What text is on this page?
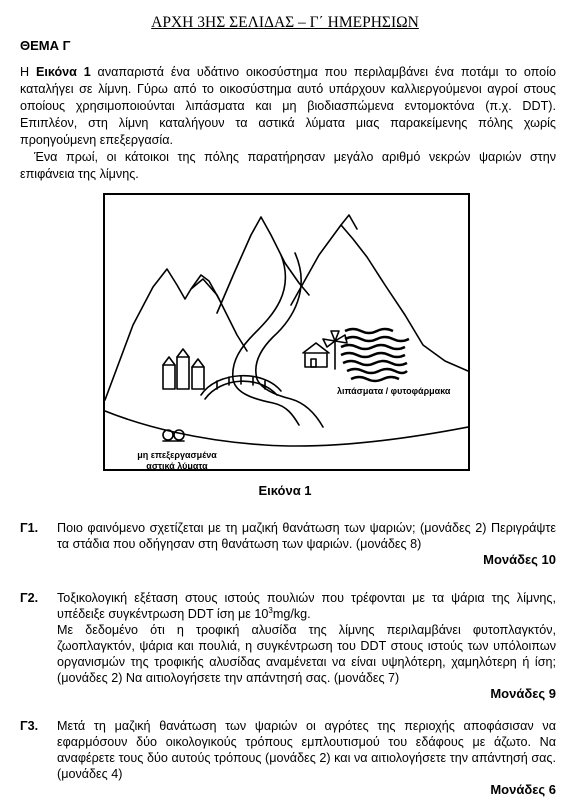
ΑΡΧΗ 3ΗΣ ΣΕΛΙΔΑΣ – Γ΄ ΗΜΕΡΗΣΙΩΝ
ΘΕΜΑ Γ

Η Εικόνα 1 αναπαριστά ένα υδάτινο οικοσύστημα που περιλαμβάνει ένα ποτάμι το οποίο καταλήγει σε λίμνη. Γύρω από το οικοσύστημα αυτό υπάρχουν καλλιεργούμενοι αγροί στους οποίους χρησιμοποιούνται λιπάσματα και μη βιοδιασπώμενα εντομοκτόνα (π.χ. DDT). Επιπλέον, στη λίμνη καταλήγουν τα αστικά λύματα μιας παρακείμενης πόλης χωρίς προηγούμενη επεξεργασία.

Ένα πρωί, οι κάτοικοι της πόλης παρατήρησαν μεγάλο αριθμό νεκρών ψαριών στην επιφάνεια της λίμνης.

μη επεξεργασμένα
αστικά λύματα
λιπάσματα / φυτοφάρμακα
Εικόνα 1
Γ1. Ποιο φαινόμενο σχετίζεται με τη μαζική θανάτωση των ψαριών; (μονάδες 2) Περιγράψτε τα στάδια που οδήγησαν στη θανάτωση των ψαριών. (μονάδες 8)
Μονάδες 10
Γ2. Τοξικολογική εξέταση στους ιστούς πουλιών που τρέφονται με τα ψάρια της λίμνης, υπέδειξε συγκέντρωση DDT ίση με $10^3mg/kg$.
Με δεδομένο ότι η τροφική αλυσίδα της λίμνης περιλαμβάνει φυτοπλαγκτόν, ζωοπλαγκτόν, ψάρια και πουλιά, η συγκέντρωση του DDT στους ιστούς των υπόλοιπων οργανισμών της τροφικής αλυσίδας αναμένεται να είναι υψηλότερη, χαμηλότερη ή ίση; (μονάδες 2) Να αιτιολογήσετε την απάντησή σας. (μονάδες 7)
Μονάδες 9
Γ3. Μετά τη μαζική θανάτωση των ψαριών οι αγρότες της περιοχής αποφάσισαν να εφαρμόσουν δύο οικολογικούς τρόπους εμπλουτισμού του εδάφους με άζωτο. Να αναφέρετε τους δύο αυτούς τρόπους (μονάδες 2) και να αιτιολογήσετε την απάντησή σας. (μονάδες 4)
Μονάδες 6
